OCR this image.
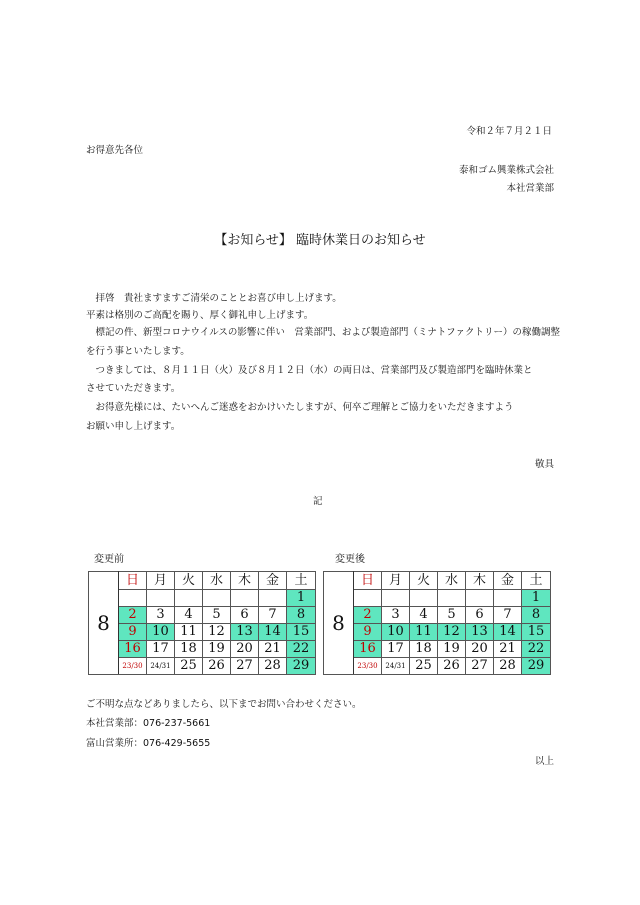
令和２年７月２１日
お得意先各位
泰和ゴム興業株式会社
本社営業部
【お知らせ】 臨時休業日のお知らせ
　拝啓　貴社ますますご清栄のこととお喜び申し上げます。
平素は格別のご高配を賜り、厚く御礼申し上げます。
　標記の件、新型コロナウイルスの影響に伴い　営業部門、および製造部門（ミナトファクトリー）の稼働調整
を行う事といたします。
　つきましては、８月１１日（火）及び８月１２日（水）の両日は、営業部門及び製造部門を臨時休業と
させていただきます。
　お得意先様には、たいへんご迷惑をおかけいたしますが、何卒ご理解とご協力をいただきますよう
お願い申し上げます。
敬具
記
変更前	変更後
8	日	月	火	水	木	金	土
							1
	2	3	4	5	6	7	8
	9	10	11	12	13	14	15
	16	17	18	19	20	21	22
	23/30	24/31	25	26	27	28	29
8	日	月	火	水	木	金	土
							1
	2	3	4	5	6	7	8
	9	10	11	12	13	14	15
	16	17	18	19	20	21	22
	23/30	24/31	25	26	27	28	29
ご不明な点などありましたら、以下までお問い合わせください。
本社営業部：076-237-5661
富山営業所：076-429-5655
以上
